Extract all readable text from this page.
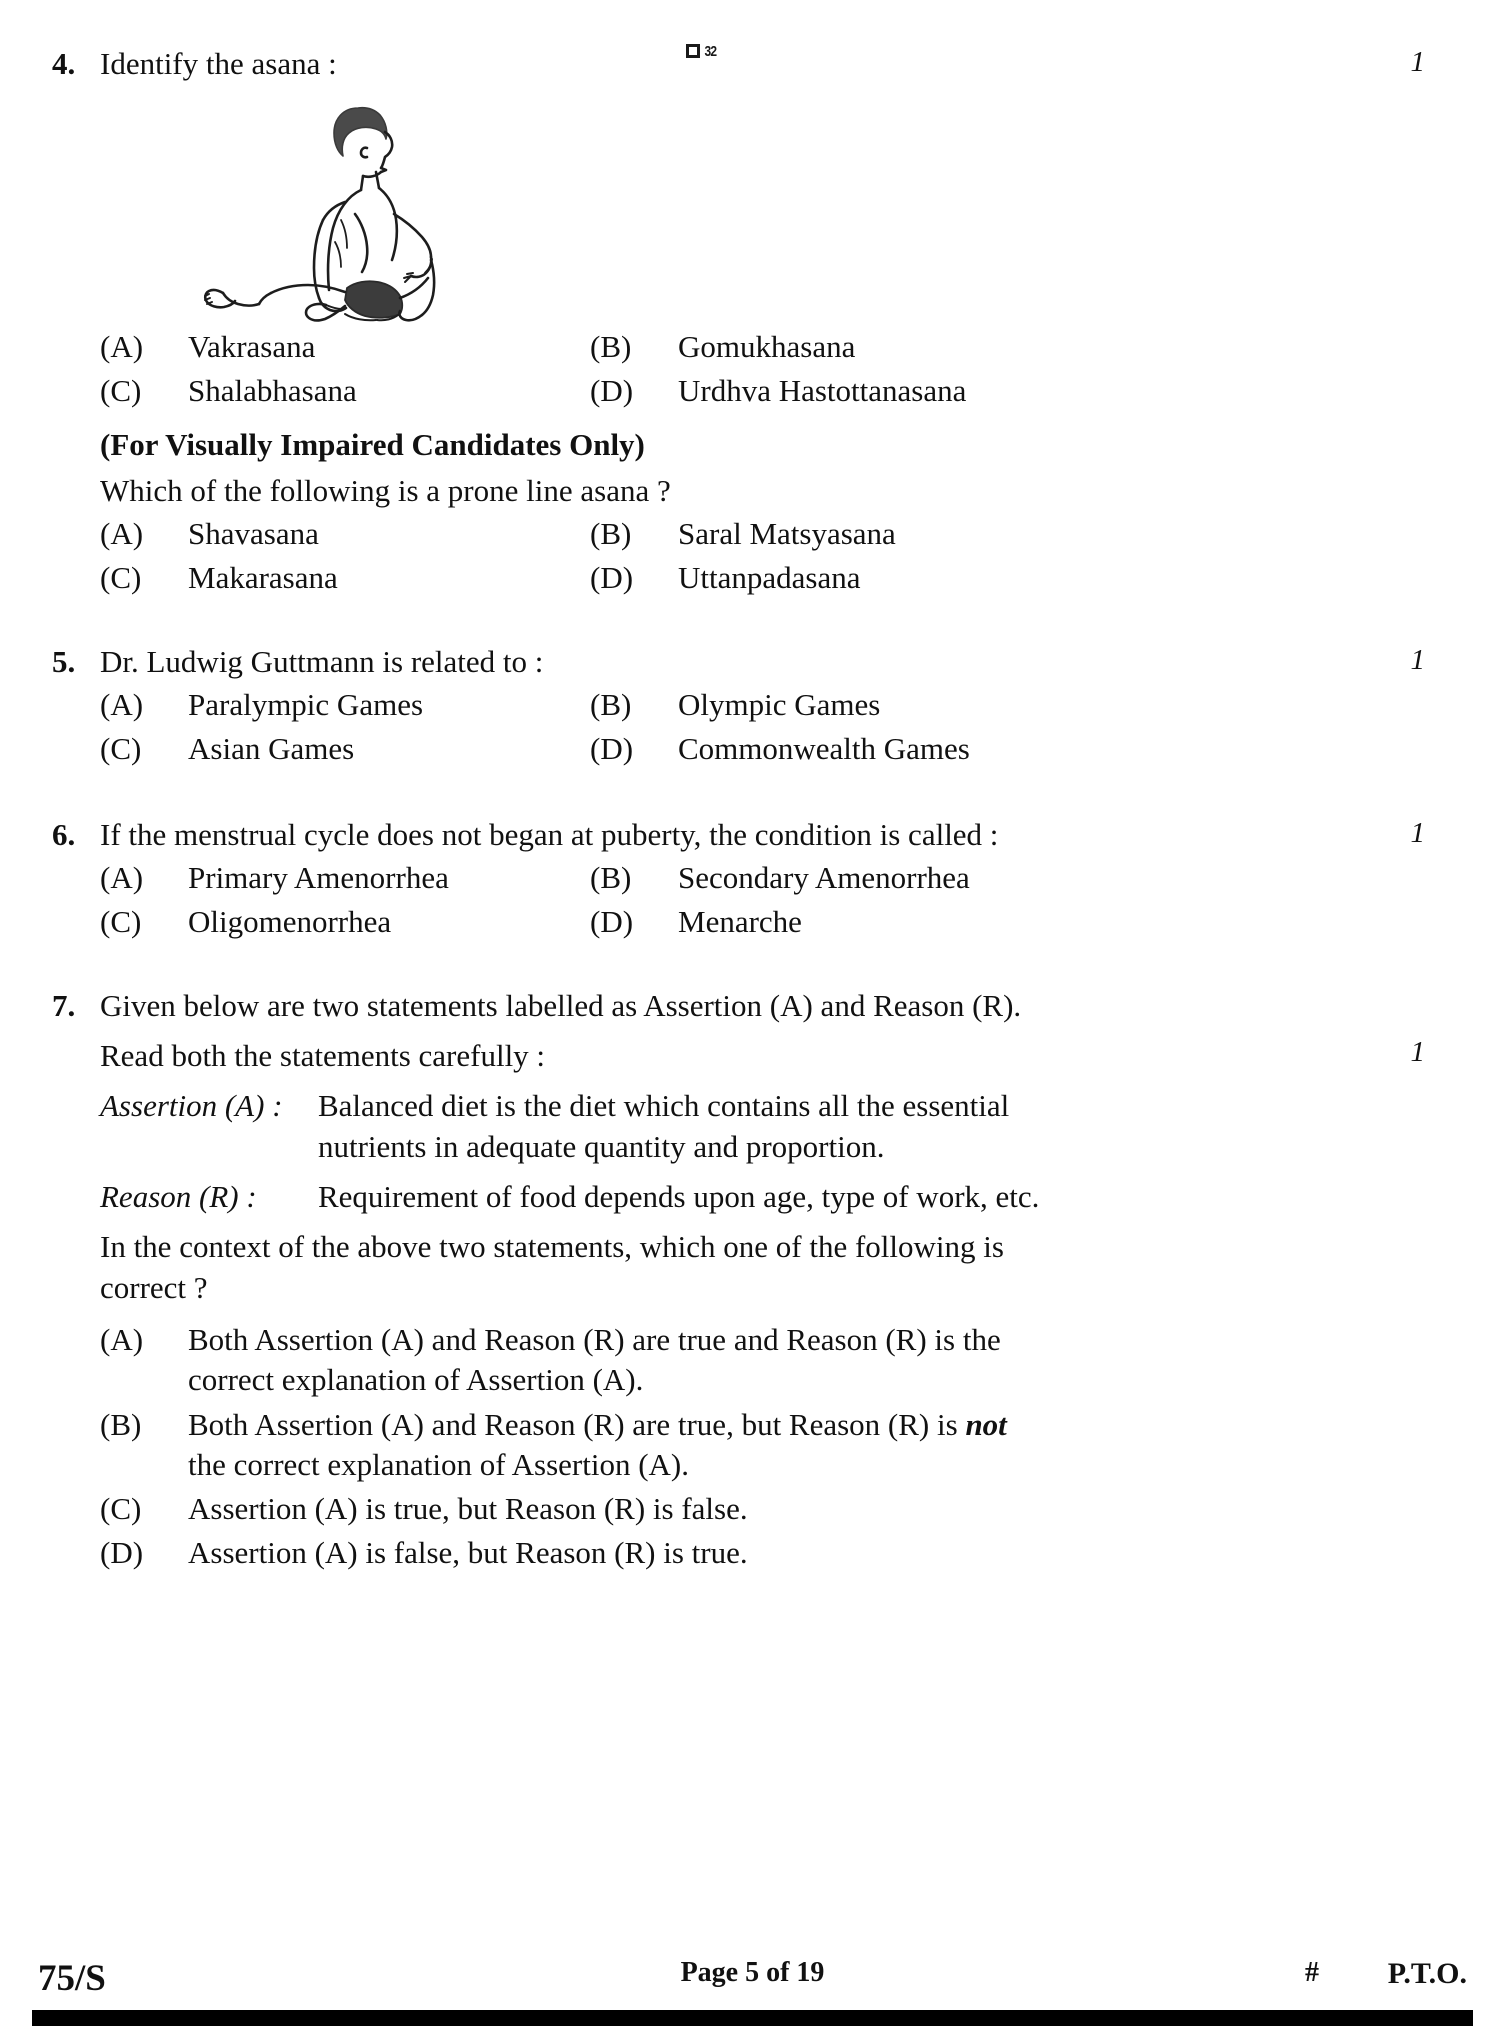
32
4. Identify the asana :
(A)	Vakrasana	(B)	Gomukhasana
(C)	Shalabhasana	(D)	Urdhva Hastottanasana
(For Visually Impaired Candidates Only)
Which of the following is a prone line asana ?
(A)	Shavasana	(B)	Saral Matsyasana
(C)	Makarasana	(D)	Uttanpadasana
1
5. Dr. Ludwig Guttmann is related to :
(A)	Paralympic Games	(B)	Olympic Games
(C)	Asian Games	(D)	Commonwealth Games
1
6. If the menstrual cycle does not began at puberty, the condition is called :
(A)	Primary Amenorrhea	(B)	Secondary Amenorrhea
(C)	Oligomenorrhea	(D)	Menarche
1
7. Given below are two statements labelled as Assertion (A) and Reason (R).
Read both the statements carefully :
Assertion (A) :	Balanced diet is the diet which contains all the essential
nutrients in adequate quantity and proportion.
Reason (R) :	Requirement of food depends upon age, type of work, etc.
In the context of the above two statements, which one of the following is
correct ?
(A)	Both Assertion (A) and Reason (R) are true and Reason (R) is the
correct explanation of Assertion (A).
(B)	Both Assertion (A) and Reason (R) are true, but Reason (R) is not
the correct explanation of Assertion (A).
(C)	Assertion (A) is true, but Reason (R) is false.
(D)	Assertion (A) is false, but Reason (R) is true.
1
75/S	Page 5 of 19	# P.T.O.
